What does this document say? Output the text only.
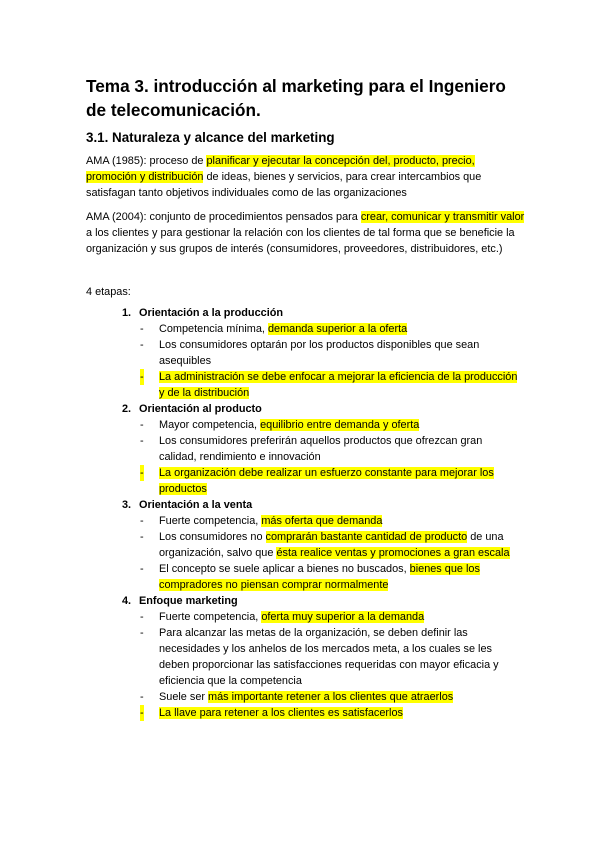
Tema 3. introducción al marketing para el Ingeniero de telecomunicación.
3.1. Naturaleza y alcance del marketing

AMA (1985): proceso de planificar y ejecutar la concepción del, producto, precio, promoción y distribución de ideas, bienes y servicios, para crear intercambios que satisfagan tanto objetivos individuales como de las organizaciones

AMA (2004): conjunto de procedimientos pensados para crear, comunicar y transmitir valor a los clientes y para gestionar la relación con los clientes de tal forma que se beneficie la organización y sus grupos de interés (consumidores, proveedores, distribuidores, etc.)

4 etapas:

1. Orientación a la producción
- Competencia mínima, demanda superior a la oferta
- Los consumidores optarán por los productos disponibles que sean asequibles
- La administración se debe enfocar a mejorar la eficiencia de la producción y de la distribución
2. Orientación al producto
- Mayor competencia, equilibrio entre demanda y oferta
- Los consumidores preferirán aquellos productos que ofrezcan gran calidad, rendimiento e innovación
- La organización debe realizar un esfuerzo constante para mejorar los productos
3. Orientación a la venta
- Fuerte competencia, más oferta que demanda
- Los consumidores no comprarán bastante cantidad de producto de una organización, salvo que ésta realice ventas y promociones a gran escala
- El concepto se suele aplicar a bienes no buscados, bienes que los compradores no piensan comprar normalmente
4. Enfoque marketing
- Fuerte competencia, oferta muy superior a la demanda
- Para alcanzar las metas de la organización, se deben definir las necesidades y los anhelos de los mercados meta, a los cuales se les deben proporcionar las satisfacciones requeridas con mayor eficacia y eficiencia que la competencia
- Suele ser más importante retener a los clientes que atraerlos
- La llave para retener a los clientes es satisfacerlos
